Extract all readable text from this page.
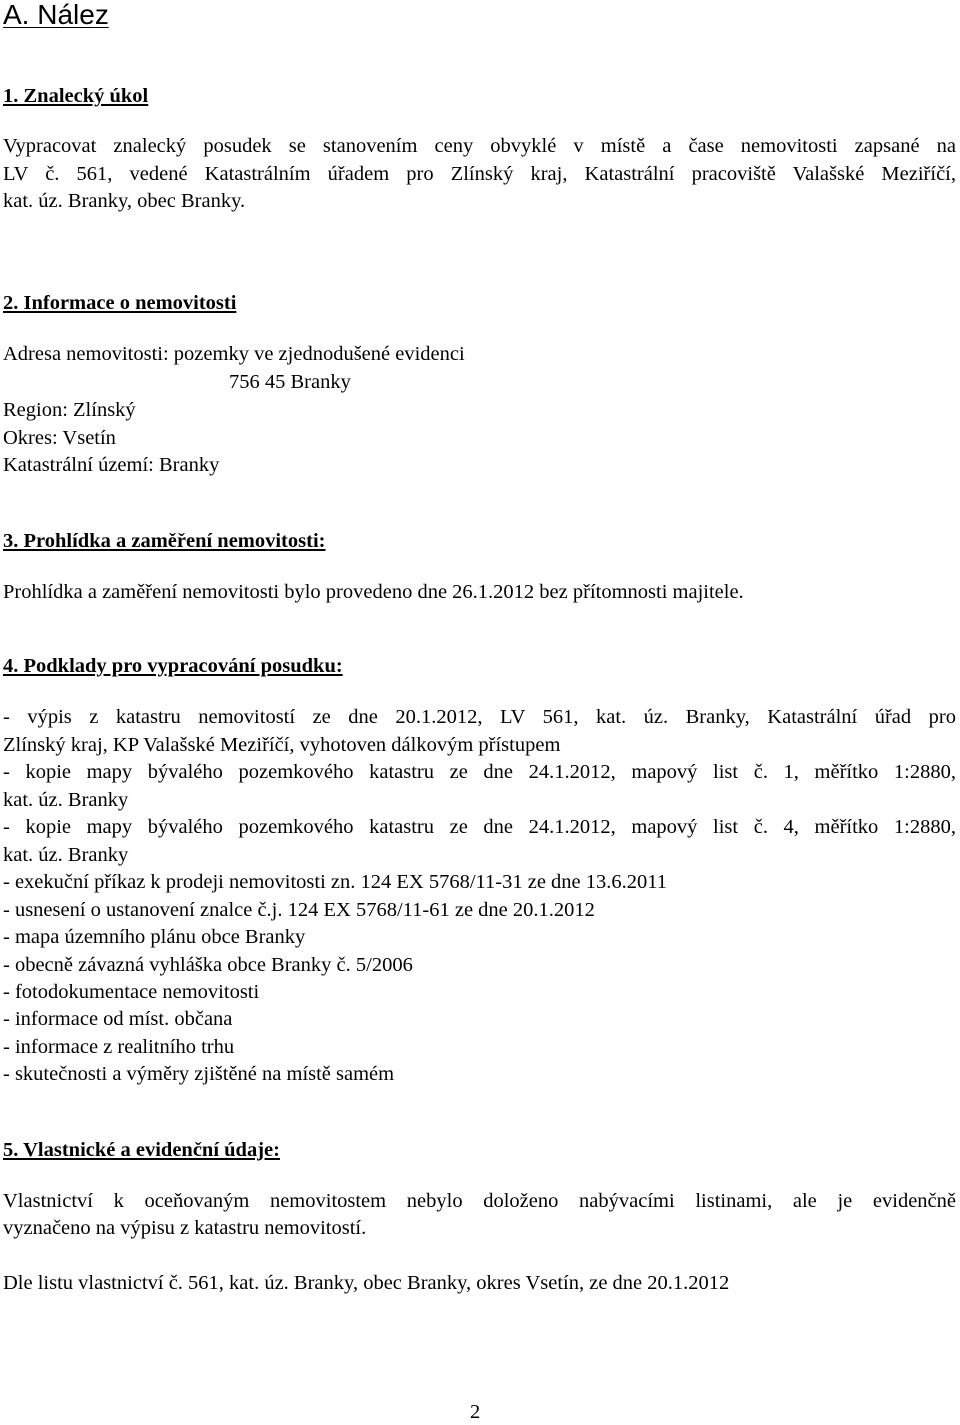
A. Nález
1. Znalecký úkol
Vypracovat znalecký posudek se stanovením ceny obvyklé v místě a čase nemovitosti zapsané na
LV č. 561, vedené Katastrálním úřadem pro Zlínský kraj, Katastrální pracoviště Valašské Meziříčí,
kat. úz. Branky, obec Branky.
2. Informace o nemovitosti
Adresa nemovitosti: pozemky ve zjednodušené evidenci
756 45 Branky
Region: Zlínský
Okres: Vsetín
Katastrální území: Branky
3. Prohlídka a zaměření nemovitosti:
Prohlídka a zaměření nemovitosti bylo provedeno dne 26.1.2012 bez přítomnosti majitele.
4. Podklady pro vypracování posudku:
- výpis z katastru nemovitostí ze dne 20.1.2012, LV 561, kat. úz. Branky, Katastrální úřad pro
Zlínský kraj, KP Valašské Meziříčí, vyhotoven dálkovým přístupem
- kopie mapy bývalého pozemkového katastru ze dne 24.1.2012, mapový list č. 1, měřítko 1:2880,
kat. úz. Branky
- kopie mapy bývalého pozemkového katastru ze dne 24.1.2012, mapový list č. 4, měřítko 1:2880,
kat. úz. Branky
- exekuční příkaz k prodeji nemovitosti zn. 124 EX 5768/11-31 ze dne 13.6.2011
- usnesení o ustanovení znalce č.j. 124 EX 5768/11-61 ze dne 20.1.2012
- mapa územního plánu obce Branky
- obecně závazná vyhláška obce Branky č. 5/2006
- fotodokumentace nemovitosti
- informace od míst. občana
- informace z realitního trhu
- skutečnosti a výměry zjištěné na místě samém
5. Vlastnické a evidenční údaje:
Vlastnictví k oceňovaným nemovitostem nebylo doloženo nabývacími listinami, ale je evidenčně
vyznačeno na výpisu z katastru nemovitostí.
Dle listu vlastnictví č. 561, kat. úz. Branky, obec Branky, okres Vsetín, ze dne 20.1.2012
2
